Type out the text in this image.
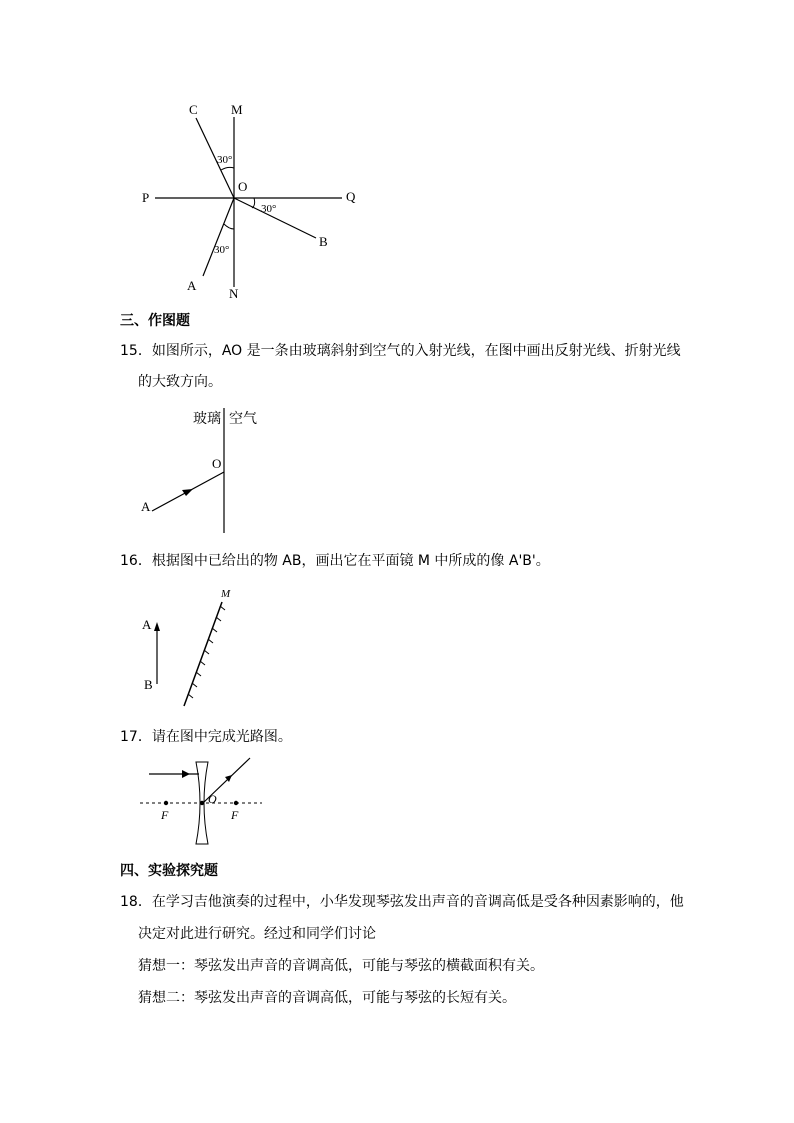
C	M
O
P	Q
B
A
N
30°
30°
30°
三、作图题
15．如图所示，AO 是一条由玻璃斜射到空气的入射光线，在图中画出反射光线、折射光线
的大致方向。
玻璃 空气
O
A
16．根据图中已给出的物 AB，画出它在平面镜 M 中所成的像 A'B'。
M
A
B
17．请在图中完成光路图。
O
F	F
四、实验探究题
18．在学习吉他演奏的过程中，小华发现琴弦发出声音的音调高低是受各种因素影响的，他
决定对此进行研究。经过和同学们讨论
猜想一：琴弦发出声音的音调高低，可能与琴弦的横截面积有关。
猜想二：琴弦发出声音的音调高低，可能与琴弦的长短有关。
